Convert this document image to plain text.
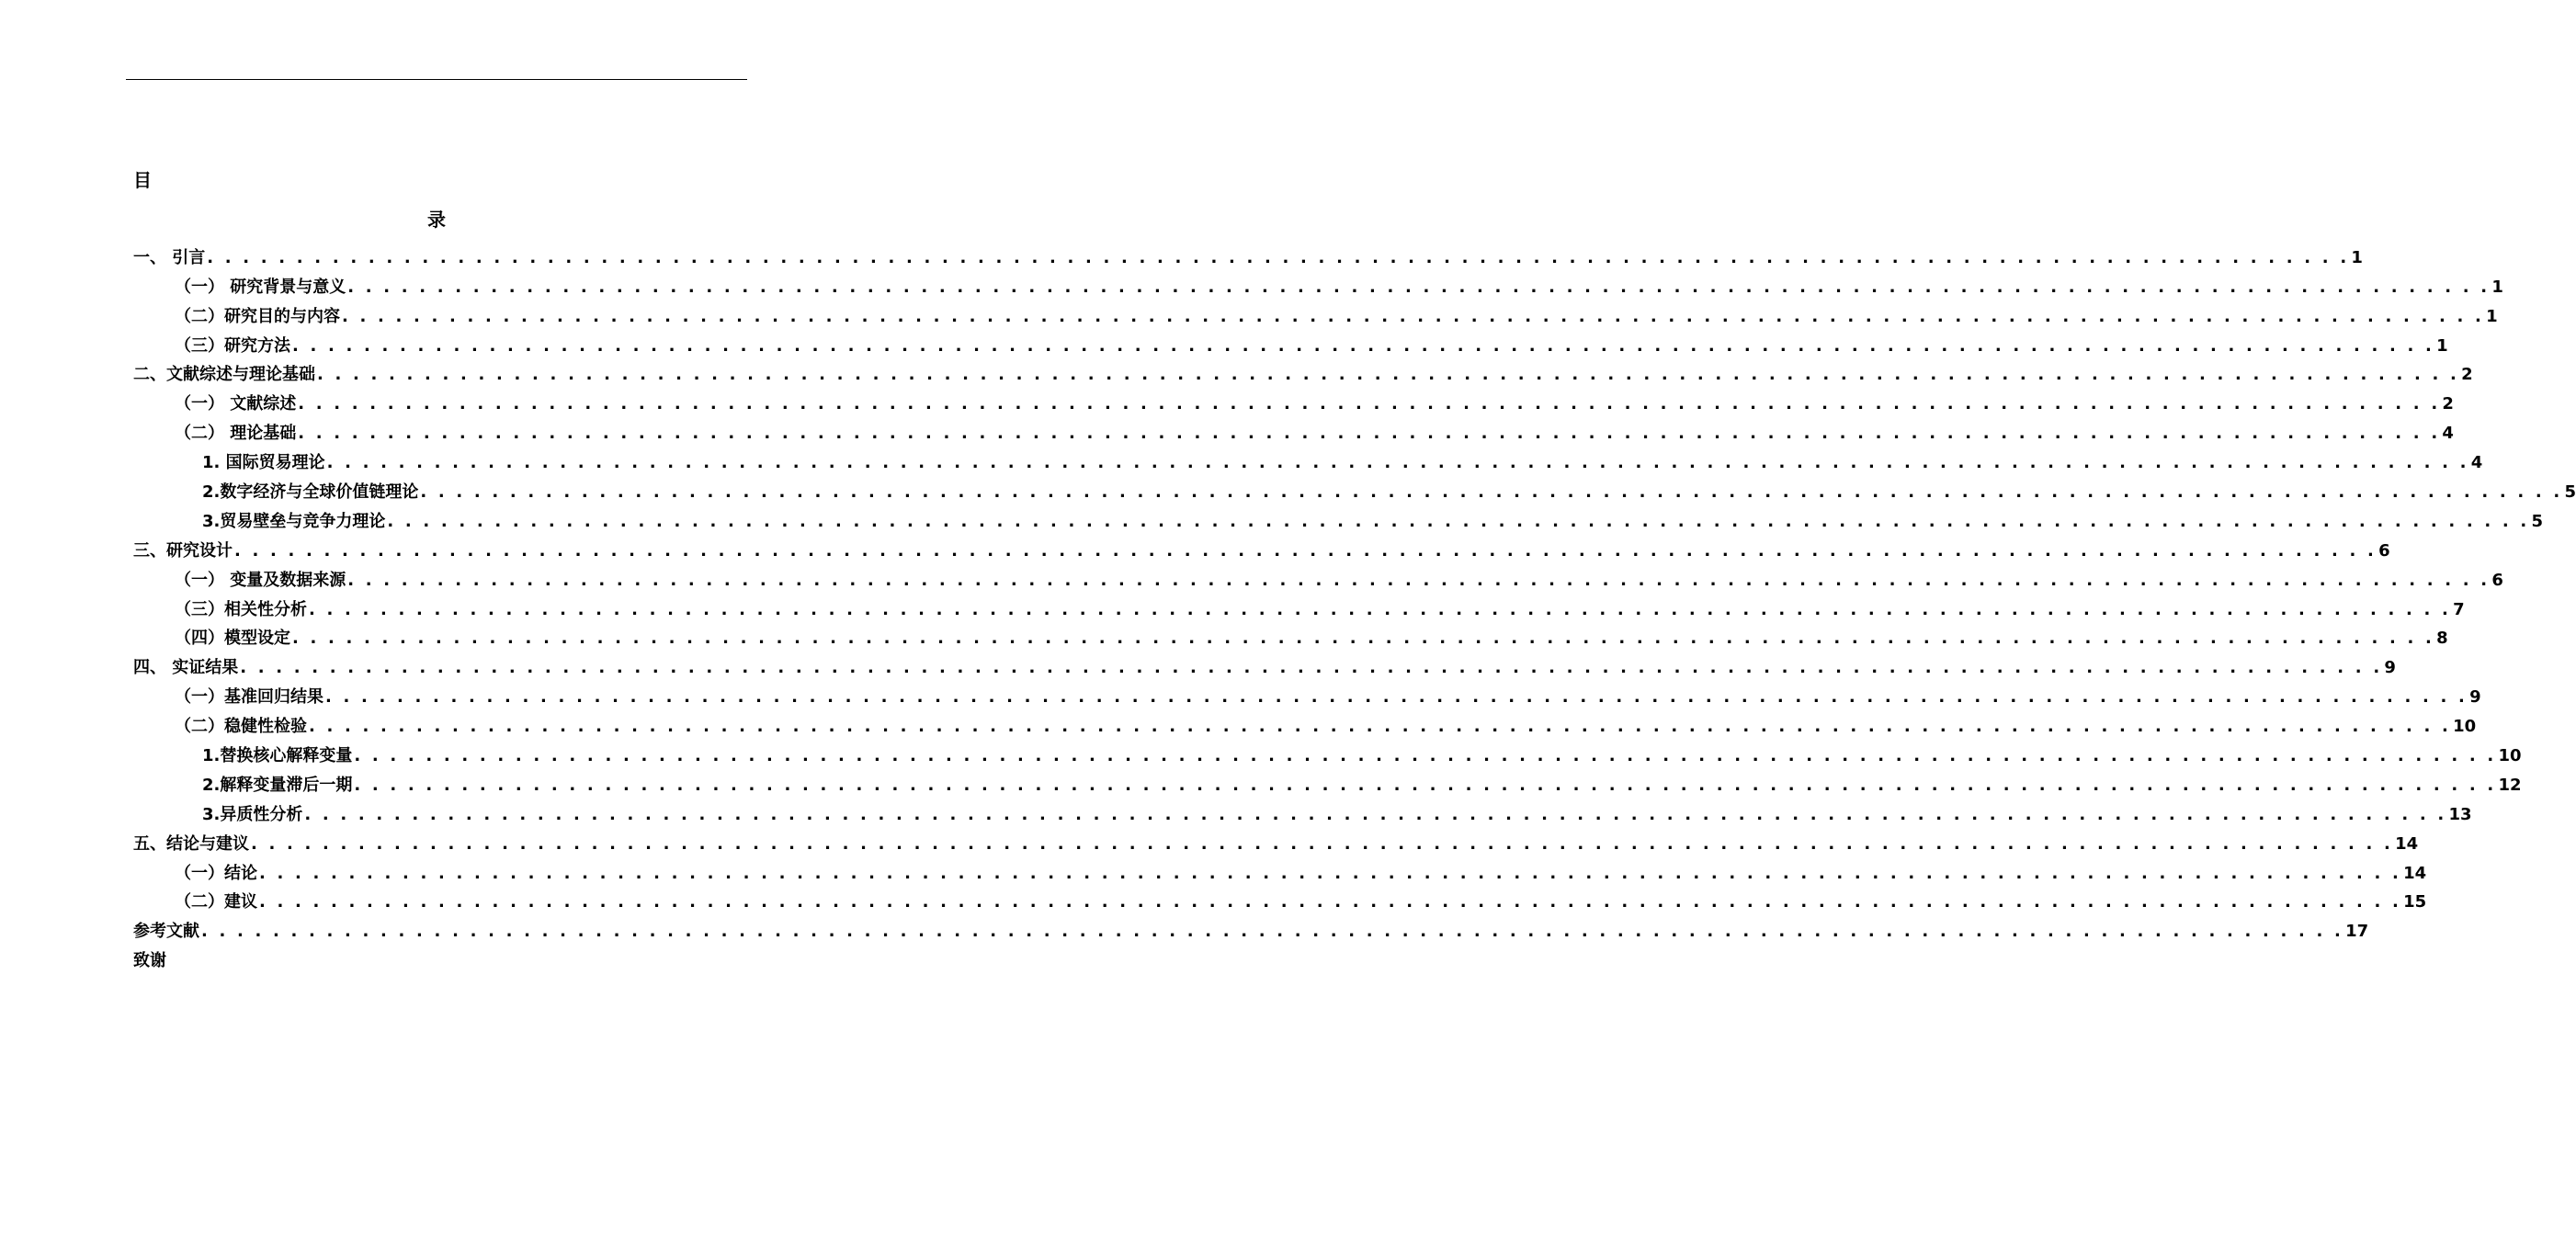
目
录
一、 引言 . . . . . . . . . . . . . . . . . . . . . . . . . . . . . . . . . . . . . . . . . . . . . . . . . . . . . . . . . . . . . . . . . . . . . . . . . . . . . . . . . . . . . . . . . . . . . . . . . . . . . . . . . . . . . . . . . . . . . . . . 1
（一） 研究背景与意义 . . . . . . . . . . . . . . . . . . . . . . . . . . . . . . . . . . . . . . . . . . . . . . . . . . . . . . . . . . . . . . . . . . . . . . . . . . . . . . . . . . . . . . . . . . . . . . . . . . . . . . . . . . . . . . . . . . . . . . . . 1
（二）研究目的与内容 . . . . . . . . . . . . . . . . . . . . . . . . . . . . . . . . . . . . . . . . . . . . . . . . . . . . . . . . . . . . . . . . . . . . . . . . . . . . . . . . . . . . . . . . . . . . . . . . . . . . . . . . . . . . . . . . . . . . . . . . 1
（三）研究方法 . . . . . . . . . . . . . . . . . . . . . . . . . . . . . . . . . . . . . . . . . . . . . . . . . . . . . . . . . . . . . . . . . . . . . . . . . . . . . . . . . . . . . . . . . . . . . . . . . . . . . . . . . . . . . . . . . . . . . . . . 1
二、文献综述与理论基础 . . . . . . . . . . . . . . . . . . . . . . . . . . . . . . . . . . . . . . . . . . . . . . . . . . . . . . . . . . . . . . . . . . . . . . . . . . . . . . . . . . . . . . . . . . . . . . . . . . . . . . . . . . . . . . . . . . . . . . . . 2
（一） 文献综述 . . . . . . . . . . . . . . . . . . . . . . . . . . . . . . . . . . . . . . . . . . . . . . . . . . . . . . . . . . . . . . . . . . . . . . . . . . . . . . . . . . . . . . . . . . . . . . . . . . . . . . . . . . . . . . . . . . . . . . . . 2
（二） 理论基础 . . . . . . . . . . . . . . . . . . . . . . . . . . . . . . . . . . . . . . . . . . . . . . . . . . . . . . . . . . . . . . . . . . . . . . . . . . . . . . . . . . . . . . . . . . . . . . . . . . . . . . . . . . . . . . . . . . . . . . . . 4
1. 国际贸易理论 . . . . . . . . . . . . . . . . . . . . . . . . . . . . . . . . . . . . . . . . . . . . . . . . . . . . . . . . . . . . . . . . . . . . . . . . . . . . . . . . . . . . . . . . . . . . . . . . . . . . . . . . . . . . . . . . . . . . . . . . 4
2.数字经济与全球价值链理论 . . . . . . . . . . . . . . . . . . . . . . . . . . . . . . . . . . . . . . . . . . . . . . . . . . . . . . . . . . . . . . . . . . . . . . . . . . . . . . . . . . . . . . . . . . . . . . . . . . . . . . . . . . . . . . . . . . . . . . . . 5
3.贸易壁垒与竞争力理论 . . . . . . . . . . . . . . . . . . . . . . . . . . . . . . . . . . . . . . . . . . . . . . . . . . . . . . . . . . . . . . . . . . . . . . . . . . . . . . . . . . . . . . . . . . . . . . . . . . . . . . . . . . . . . . . . . . . . . . . . 5
三、研究设计 . . . . . . . . . . . . . . . . . . . . . . . . . . . . . . . . . . . . . . . . . . . . . . . . . . . . . . . . . . . . . . . . . . . . . . . . . . . . . . . . . . . . . . . . . . . . . . . . . . . . . . . . . . . . . . . . . . . . . . . . 6
（一） 变量及数据来源 . . . . . . . . . . . . . . . . . . . . . . . . . . . . . . . . . . . . . . . . . . . . . . . . . . . . . . . . . . . . . . . . . . . . . . . . . . . . . . . . . . . . . . . . . . . . . . . . . . . . . . . . . . . . . . . . . . . . . . . . 6
（三）相关性分析 . . . . . . . . . . . . . . . . . . . . . . . . . . . . . . . . . . . . . . . . . . . . . . . . . . . . . . . . . . . . . . . . . . . . . . . . . . . . . . . . . . . . . . . . . . . . . . . . . . . . . . . . . . . . . . . . . . . . . . . . 7
（四）模型设定 . . . . . . . . . . . . . . . . . . . . . . . . . . . . . . . . . . . . . . . . . . . . . . . . . . . . . . . . . . . . . . . . . . . . . . . . . . . . . . . . . . . . . . . . . . . . . . . . . . . . . . . . . . . . . . . . . . . . . . . . 8
四、 实证结果 . . . . . . . . . . . . . . . . . . . . . . . . . . . . . . . . . . . . . . . . . . . . . . . . . . . . . . . . . . . . . . . . . . . . . . . . . . . . . . . . . . . . . . . . . . . . . . . . . . . . . . . . . . . . . . . . . . . . . . . . 9
（一）基准回归结果 . . . . . . . . . . . . . . . . . . . . . . . . . . . . . . . . . . . . . . . . . . . . . . . . . . . . . . . . . . . . . . . . . . . . . . . . . . . . . . . . . . . . . . . . . . . . . . . . . . . . . . . . . . . . . . . . . . . . . . . . 9
（二）稳健性检验 . . . . . . . . . . . . . . . . . . . . . . . . . . . . . . . . . . . . . . . . . . . . . . . . . . . . . . . . . . . . . . . . . . . . . . . . . . . . . . . . . . . . . . . . . . . . . . . . . . . . . . . . . . . . . . . . . . . . . . . . 10
1.替换核心解释变量 . . . . . . . . . . . . . . . . . . . . . . . . . . . . . . . . . . . . . . . . . . . . . . . . . . . . . . . . . . . . . . . . . . . . . . . . . . . . . . . . . . . . . . . . . . . . . . . . . . . . . . . . . . . . . . . . . . . . . . . . 10
2.解释变量滞后一期 . . . . . . . . . . . . . . . . . . . . . . . . . . . . . . . . . . . . . . . . . . . . . . . . . . . . . . . . . . . . . . . . . . . . . . . . . . . . . . . . . . . . . . . . . . . . . . . . . . . . . . . . . . . . . . . . . . . . . . . . 12
3.异质性分析 . . . . . . . . . . . . . . . . . . . . . . . . . . . . . . . . . . . . . . . . . . . . . . . . . . . . . . . . . . . . . . . . . . . . . . . . . . . . . . . . . . . . . . . . . . . . . . . . . . . . . . . . . . . . . . . . . . . . . . . . 13
五、结论与建议 . . . . . . . . . . . . . . . . . . . . . . . . . . . . . . . . . . . . . . . . . . . . . . . . . . . . . . . . . . . . . . . . . . . . . . . . . . . . . . . . . . . . . . . . . . . . . . . . . . . . . . . . . . . . . . . . . . . . . . . . 14
（一）结论 . . . . . . . . . . . . . . . . . . . . . . . . . . . . . . . . . . . . . . . . . . . . . . . . . . . . . . . . . . . . . . . . . . . . . . . . . . . . . . . . . . . . . . . . . . . . . . . . . . . . . . . . . . . . . . . . . . . . . . . . 14
（二）建议 . . . . . . . . . . . . . . . . . . . . . . . . . . . . . . . . . . . . . . . . . . . . . . . . . . . . . . . . . . . . . . . . . . . . . . . . . . . . . . . . . . . . . . . . . . . . . . . . . . . . . . . . . . . . . . . . . . . . . . . . 15
参考文献 . . . . . . . . . . . . . . . . . . . . . . . . . . . . . . . . . . . . . . . . . . . . . . . . . . . . . . . . . . . . . . . . . . . . . . . . . . . . . . . . . . . . . . . . . . . . . . . . . . . . . . . . . . . . . . . . . . . . . . . . 17
致谢
